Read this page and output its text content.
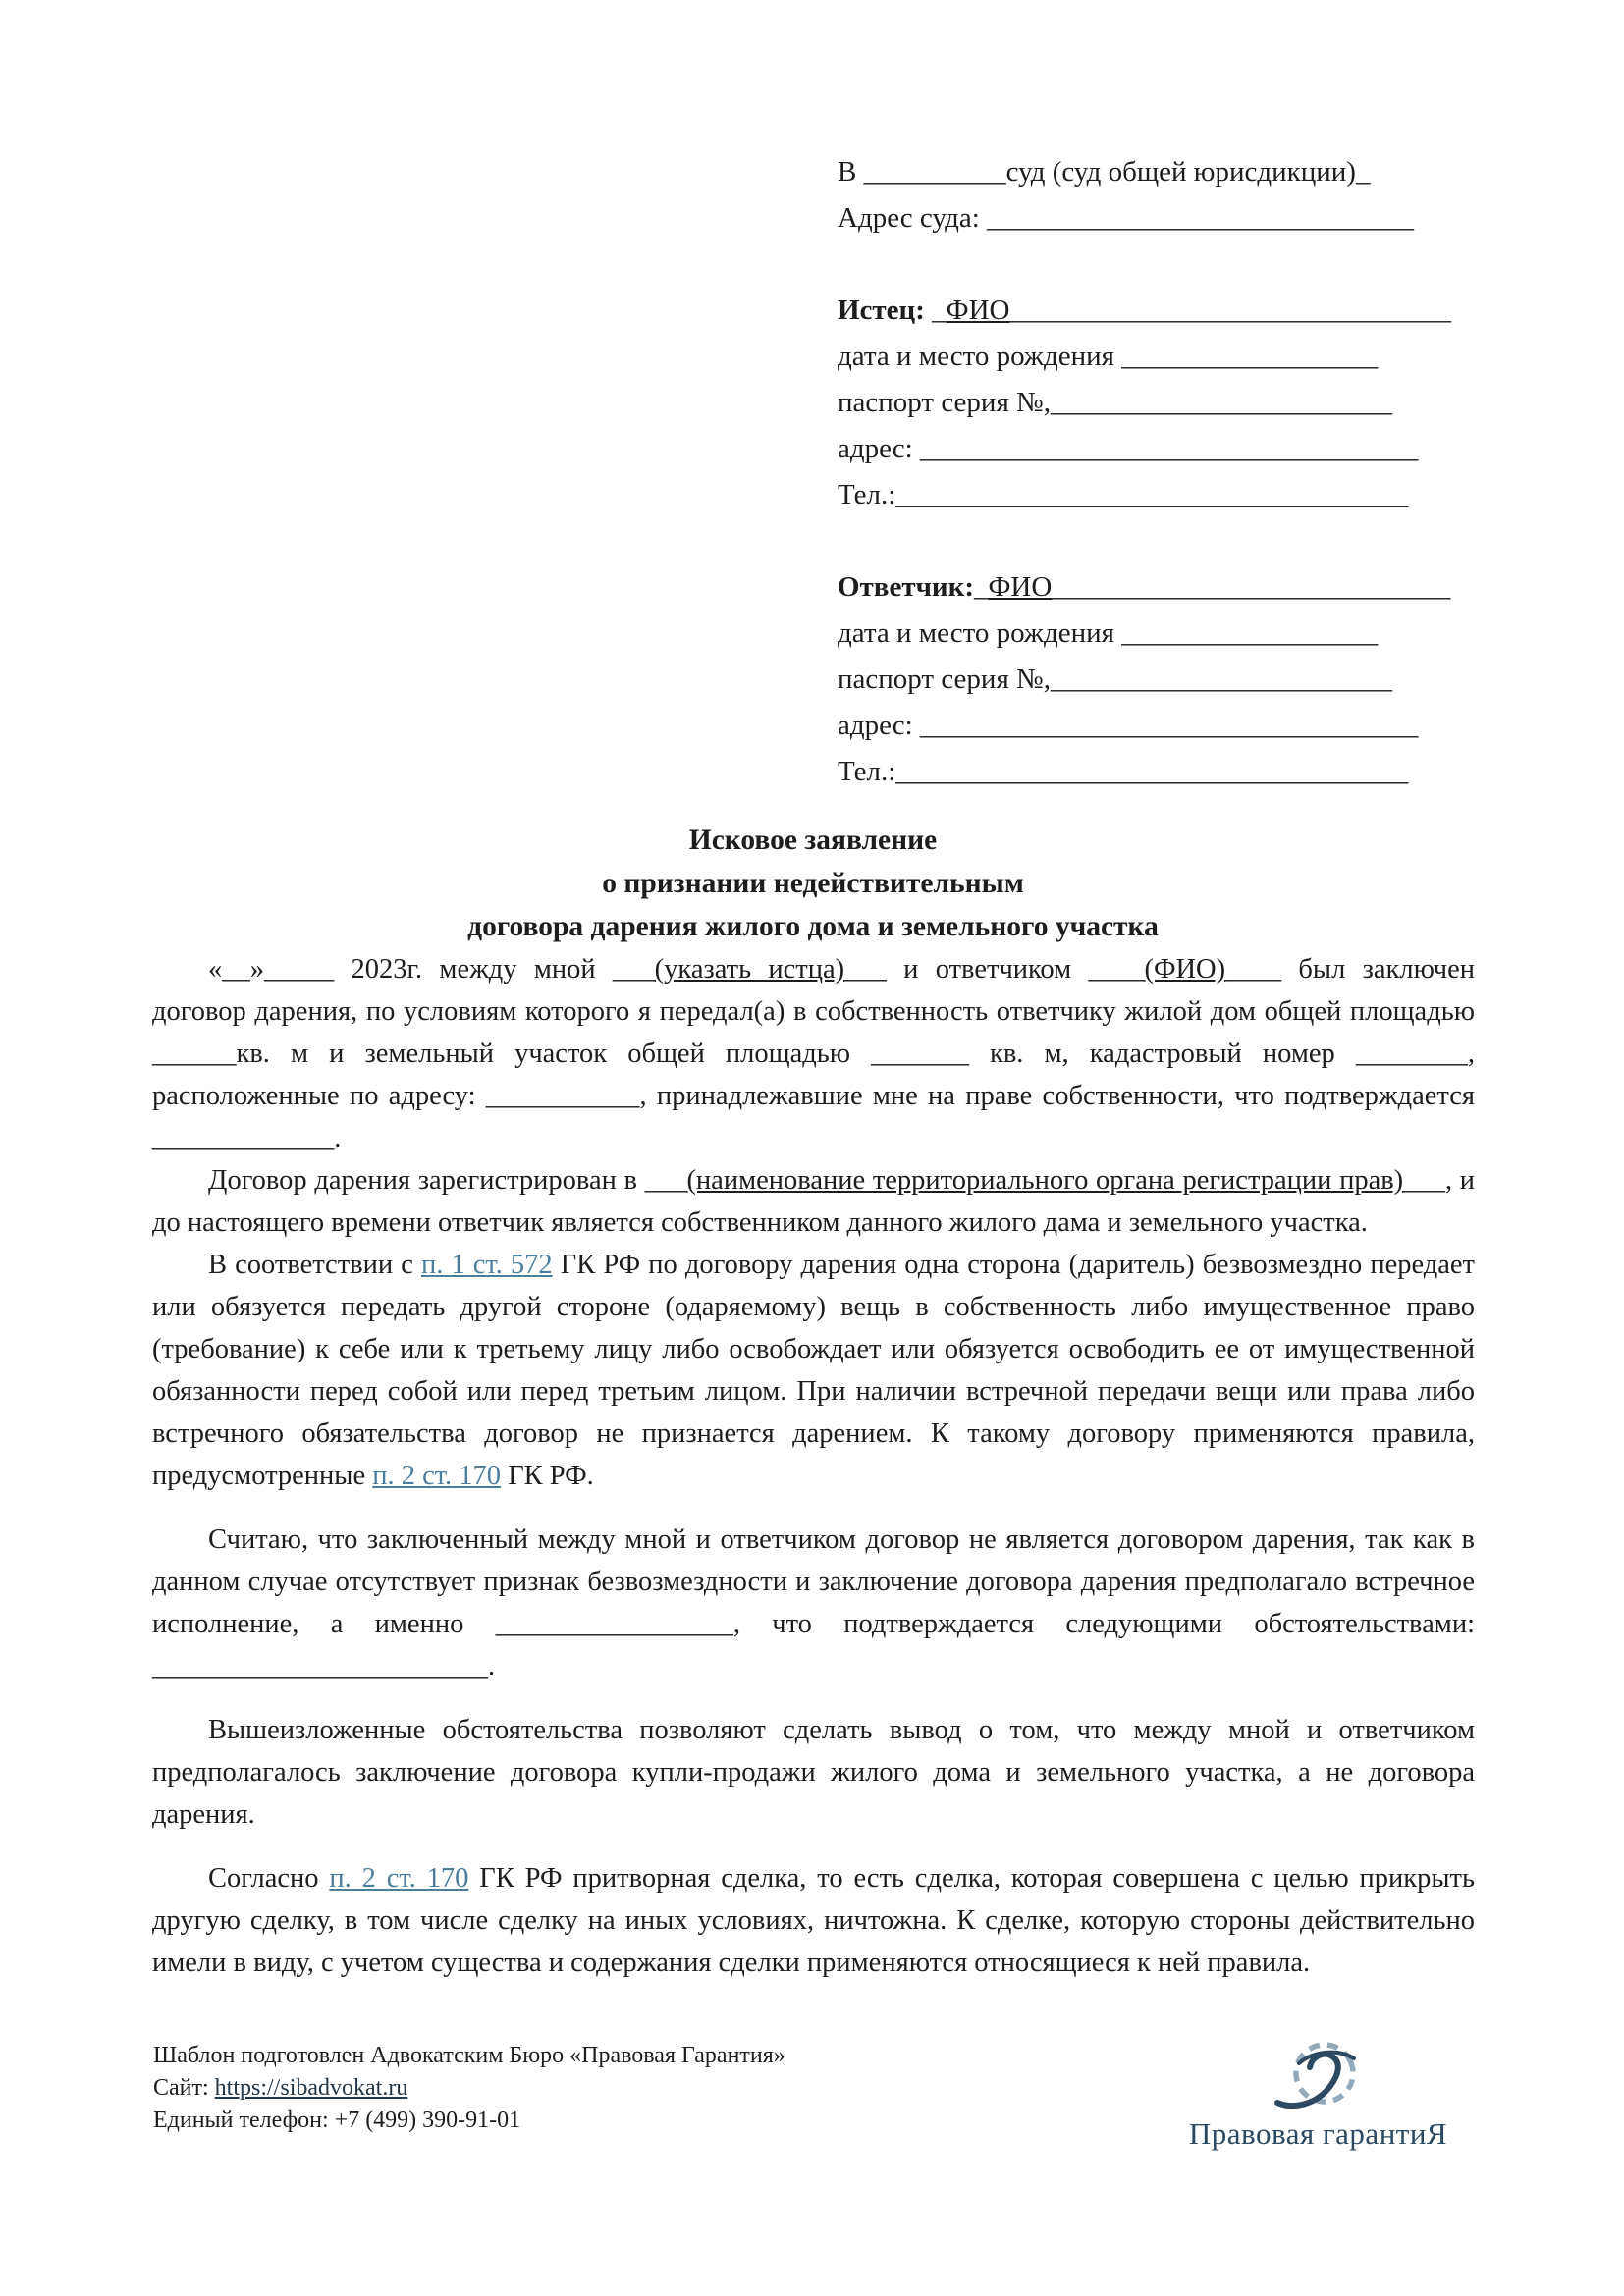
В __________суд (суд общей юрисдикции)_
Адрес суда: ______________________________
Истец: _ФИО_______________________________
дата и место рождения __________________
паспорт серия №,________________________
адрес: ___________________________________
Тел.:____________________________________
Ответчик:_ФИО____________________________
дата и место рождения __________________
паспорт серия №,________________________
адрес: ___________________________________
Тел.:____________________________________
Исковое заявление
о признании недействительным
договора дарения жилого дома и земельного участка

«__»_____ 2023г. между мной ___(указать истца)___ и ответчиком ____(ФИО)____ был заключен договор дарения, по условиям которого я передал(а) в собственность ответчику жилой дом общей площадью ______кв. м и земельный участок общей площадью _______ кв. м, кадастровый номер ________, расположенные по адресу: ___________, принадлежавшие мне на праве собственности, что подтверждается _____________.

Договор дарения зарегистрирован в ___(наименование территориального органа регистрации прав)___, и до настоящего времени ответчик является собственником данного жилого дама и земельного участка.

В соответствии с п. 1 ст. 572 ГК РФ по договору дарения одна сторона (даритель) безвозмездно передает или обязуется передать другой стороне (одаряемому) вещь в собственность либо имущественное право (требование) к себе или к третьему лицу либо освобождает или обязуется освободить ее от имущественной обязанности перед собой или перед третьим лицом. При наличии встречной передачи вещи или права либо встречного обязательства договор не признается дарением. К такому договору применяются правила, предусмотренные п. 2 ст. 170 ГК РФ.

Считаю, что заключенный между мной и ответчиком договор не является договором дарения, так как в данном случае отсутствует признак безвозмездности и заключение договора дарения предполагало встречное исполнение, а именно _________________, что подтверждается следующими обстоятельствами: ________________________.

Вышеизложенные обстоятельства позволяют сделать вывод о том, что между мной и ответчиком предполагалось заключение договора купли-продажи жилого дома и земельного участка, а не договора дарения.

Согласно п. 2 ст. 170 ГК РФ притворная сделка, то есть сделка, которая совершена с целью прикрыть другую сделку, в том числе сделку на иных условиях, ничтожна. К сделке, которую стороны действительно имели в виду, с учетом существа и содержания сделки применяются относящиеся к ней правила.

Шаблон подготовлен Адвокатским Бюро «Правовая Гарантия»
Сайт: https://sibadvokat.ru
Единый телефон: +7 (499) 390-91-01	Правовая гарантиЯ
